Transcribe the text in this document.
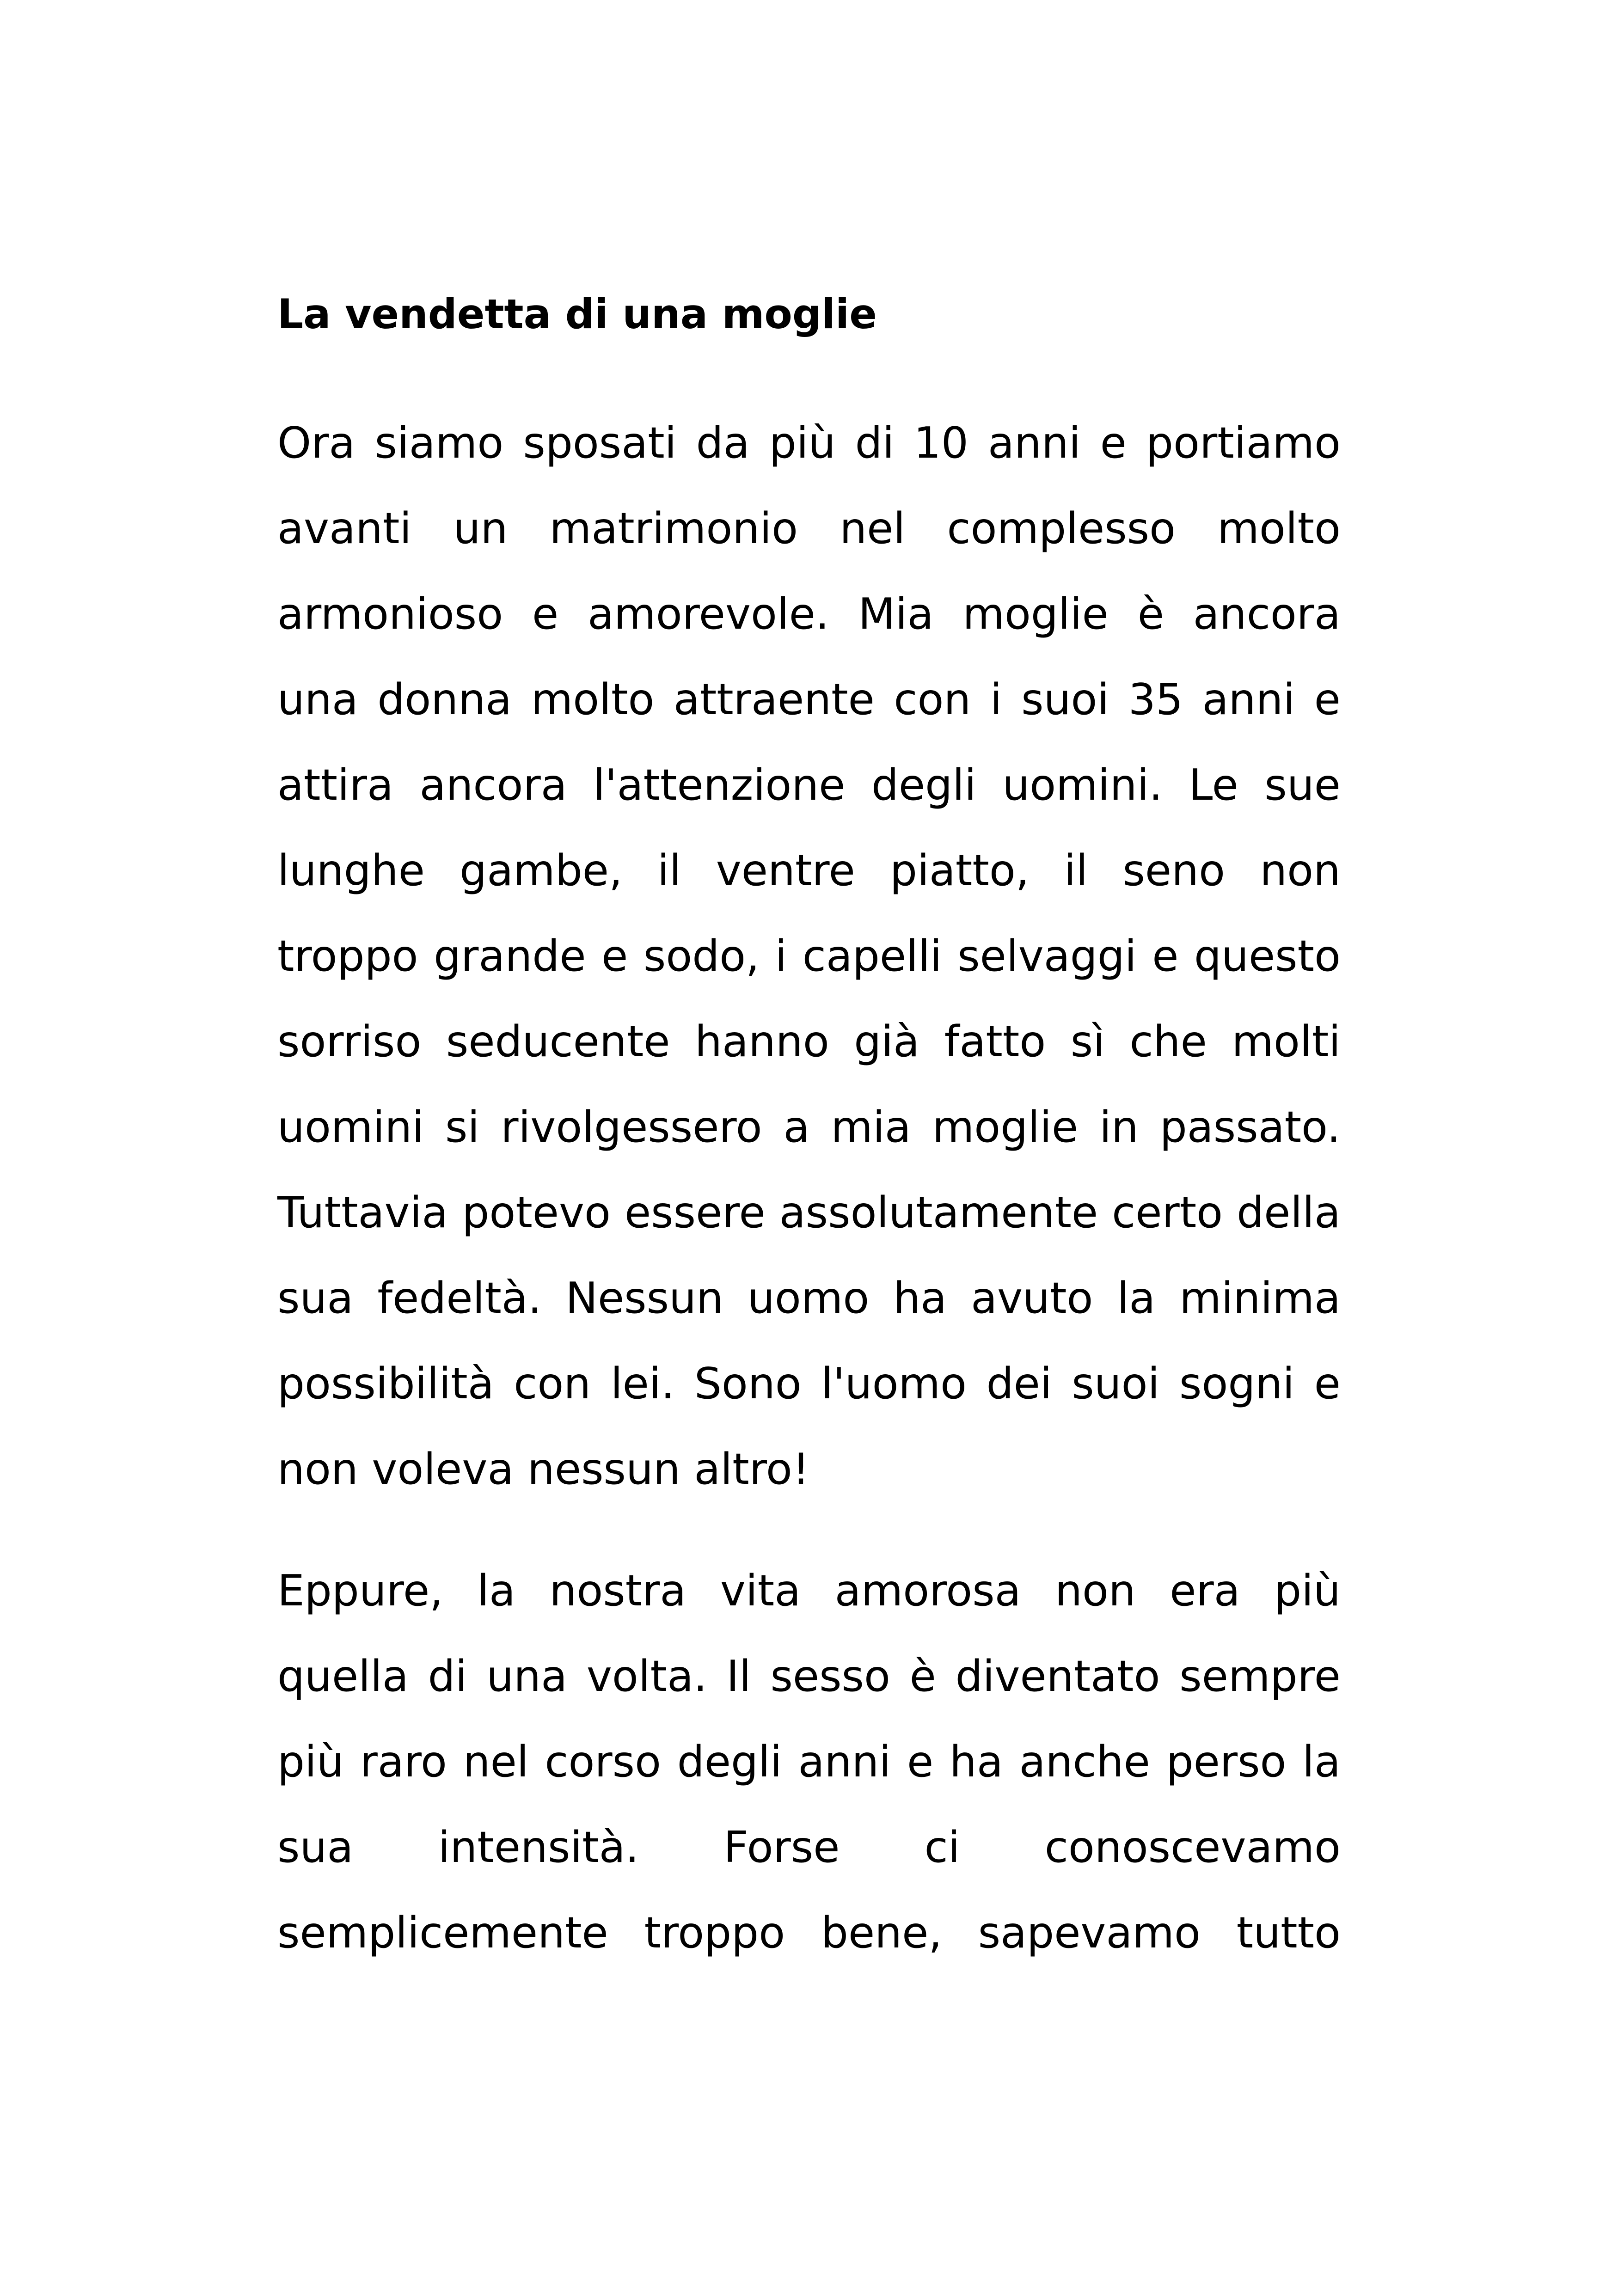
La vendetta di una moglie

Ora siamo sposati da più di 10 anni e portiamo avanti un matrimonio nel complesso molto armonioso e amorevole. Mia moglie è ancora una donna molto attraente con i suoi 35 anni e attira ancora l'attenzione degli uomini. Le sue lunghe gambe, il ventre piatto, il seno non troppo grande e sodo, i capelli selvaggi e questo sorriso seducente hanno già fatto sì che molti uomini si rivolgessero a mia moglie in passato. Tuttavia potevo essere assolutamente certo della sua fedeltà. Nessun uomo ha avuto la minima possibilità con lei. Sono l'uomo dei suoi sogni e non voleva nessun altro!

Eppure, la nostra vita amorosa non era più quella di una volta. Il sesso è diventato sempre più raro nel corso degli anni e ha anche perso la sua intensità. Forse ci conoscevamo semplicemente troppo bene, sapevamo tutto
